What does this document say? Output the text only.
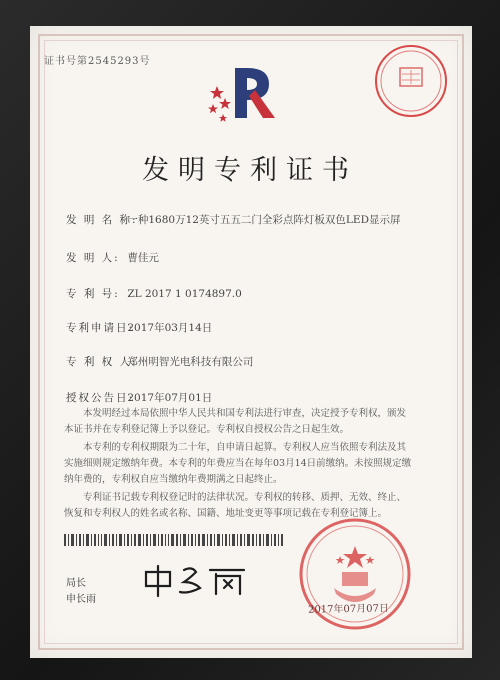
证书号第2545293号
发明专利证书
发 明 名 称: 一种1680万12英寸五五二门全彩点阵灯板双色LED显示屏
发 明 人: 曹佳元
专 利 号: ZL 2017 1 0174897.0
专利申请日: 2017年03月14日
专 利 权 人: 郑州明智光电科技有限公司
授权公告日: 2017年07月01日
本发明经过本局依照中华人民共和国专利法进行审查，决定授予专利权，颁发本证书并在专利登记簿上予以登记。专利权自授权公告之日起生效。
本专利的专利权期限为二十年，自申请日起算。专利权人应当依照专利法及其实施细则规定缴纳年费。本专利的年费应当在每年03月14日前缴纳。未按照规定缴纳年费的，专利权自应当缴纳年费期满之日起终止。
专利证书记载专利权登记时的法律状况。专利权的转移、质押、无效、终止、恢复和专利权人的姓名或名称、国籍、地址变更等事项记载在专利登记簿上。
局长
申长雨
2017年07月07日
